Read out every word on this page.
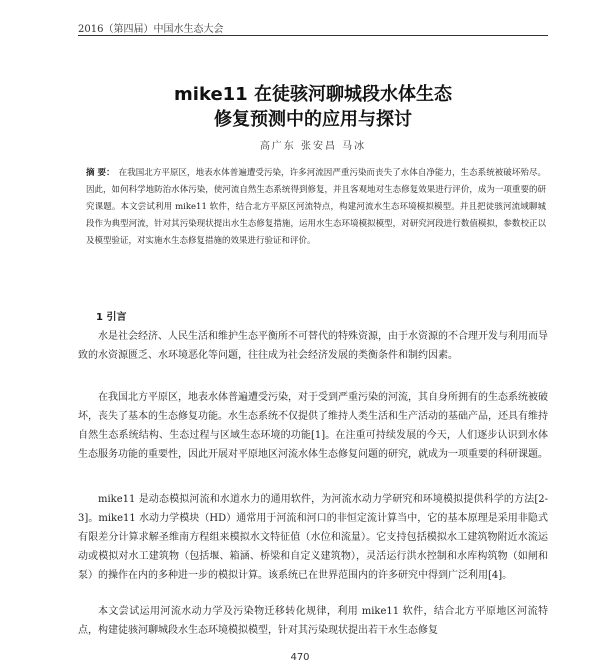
2016（第四届）中国水生态大会
mike11 在徒骇河聊城段水体生态
修复预测中的应用与探讨
高广东 张安昌 马冰
摘 要： 在我国北方平原区，地表水体普遍遭受污染，许多河流因严重污染而丧失了水体自净能力，生态系统被破坏殆尽。因此，如何科学地防治水体污染，使河流自然生态系统得到修复，并且客观地对生态修复效果进行评价，成为一项重要的研究课题。本文尝试利用 mike11 软件，结合北方平原区河流特点，构建河流水生态环境模拟模型。并且把徒骇河流域聊城段作为典型河流，针对其污染现状提出水生态修复措施，运用水生态环境模拟模型，对研究河段进行数值模拟，参数校正以及模型验证，对实施水生态修复措施的效果进行验证和评价。
1 引言
水是社会经济、人民生活和维护生态平衡所不可替代的特殊资源，由于水资源的不合理开发与利用而导致的水资源匮乏、水环境恶化等问题，往往成为社会经济发展的类衡条件和制约因素。
在我国北方平原区，地表水体普遍遭受污染，对于受到严重污染的河流，其自身所拥有的生态系统被破坏，丧失了基本的生态修复功能。水生态系统不仅提供了维持人类生活和生产活动的基础产品，还具有维持自然生态系统结构、生态过程与区域生态环境的功能[1]。在注重可持续发展的今天，人们逐步认识到水体生态服务功能的重要性，因此开展对平原地区河流水体生态修复问题的研究，就成为一项重要的科研课题。
mike11 是动态模拟河流和水道水力的通用软件，为河流水动力学研究和环境模拟提供科学的方法[2-3]。mike11 水动力学模块（HD）通常用于河流和河口的非恒定流计算当中，它的基本原理是采用非隐式有限差分计算求解圣维南方程组来模拟水文特征值（水位和流量）。它支持包括模拟水工建筑物附近水流运动或模拟对水工建筑物（包括堰、箱涵、桥梁和自定义建筑物），灵活运行洪水控制和水库构筑物（如闸和泵）的操作在内的多种进一步的模拟计算。该系统已在世界范围内的许多研究中得到广泛利用[4]。
本文尝试运用河流水动力学及污染物迁移转化规律，利用 mike11 软件，结合北方平原地区河流特点，构建徒骇河聊城段水生态环境模拟模型，针对其污染现状提出若干水生态修复
470
